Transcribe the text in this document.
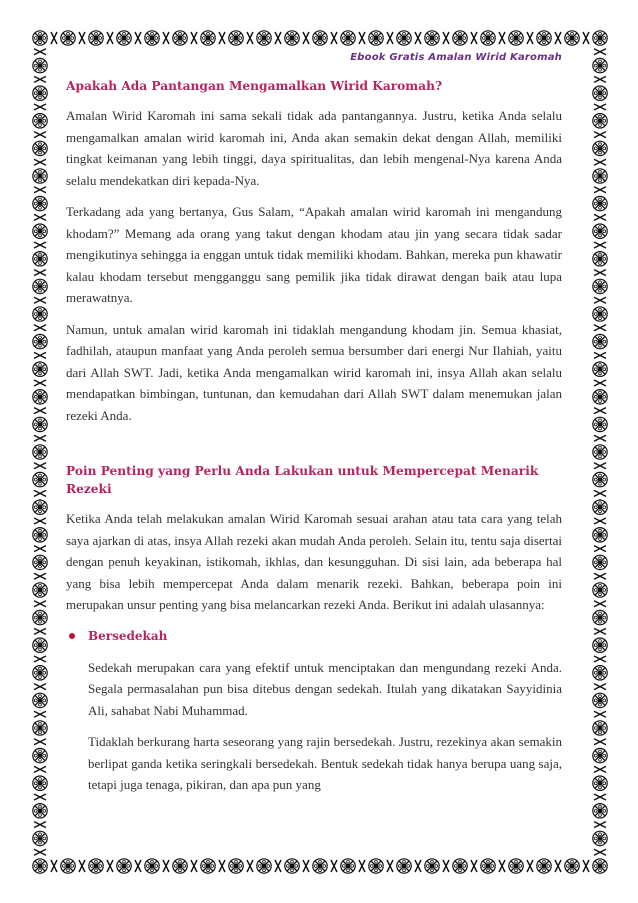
Ebook Gratis Amalan Wirid Karomah
Apakah Ada Pantangan Mengamalkan Wirid Karomah?

Amalan Wirid Karomah ini sama sekali tidak ada pantangannya. Justru, ketika Anda selalu mengamalkan amalan wirid karomah ini, Anda akan semakin dekat dengan Allah, memiliki tingkat keimanan yang lebih tinggi, daya spiritualitas, dan lebih mengenal-Nya karena Anda selalu mendekatkan diri kepada-Nya.

Terkadang ada yang bertanya, Gus Salam, “Apakah amalan wirid karomah ini mengandung khodam?” Memang ada orang yang takut dengan khodam atau jin yang secara tidak sadar mengikutinya sehingga ia enggan untuk tidak memiliki khodam. Bahkan, mereka pun khawatir kalau khodam tersebut mengganggu sang pemilik jika tidak dirawat dengan baik atau lupa merawatnya.

Namun, untuk amalan wirid karomah ini tidaklah mengandung khodam jin. Semua khasiat, fadhilah, ataupun manfaat yang Anda peroleh semua bersumber dari energi Nur Ilahiah, yaitu dari Allah SWT. Jadi, ketika Anda mengamalkan wirid karomah ini, insya Allah akan selalu mendapatkan bimbingan, tuntunan, dan kemudahan dari Allah SWT dalam menemukan jalan rezeki Anda.

Poin Penting yang Perlu Anda Lakukan untuk Mempercepat Menarik Rezeki

Ketika Anda telah melakukan amalan Wirid Karomah sesuai arahan atau tata cara yang telah saya ajarkan di atas, insya Allah rezeki akan mudah Anda peroleh. Selain itu, tentu saja disertai dengan penuh keyakinan, istikomah, ikhlas, dan kesungguhan. Di sisi lain, ada beberapa hal yang bisa lebih mempercepat Anda dalam menarik rezeki. Bahkan, beberapa poin ini merupakan unsur penting yang bisa melancarkan rezeki Anda. Berikut ini adalah ulasannya:

Bersedekah

Sedekah merupakan cara yang efektif untuk menciptakan dan mengundang rezeki Anda. Segala permasalahan pun bisa ditebus dengan sedekah. Itulah yang dikatakan Sayyidinia Ali, sahabat Nabi Muhammad.

Tidaklah berkurang harta seseorang yang rajin bersedekah. Justru, rezekinya akan semakin berlipat ganda ketika seringkali bersedekah. Bentuk sedekah tidak hanya berupa uang saja, tetapi juga tenaga, pikiran, dan apa pun yang
